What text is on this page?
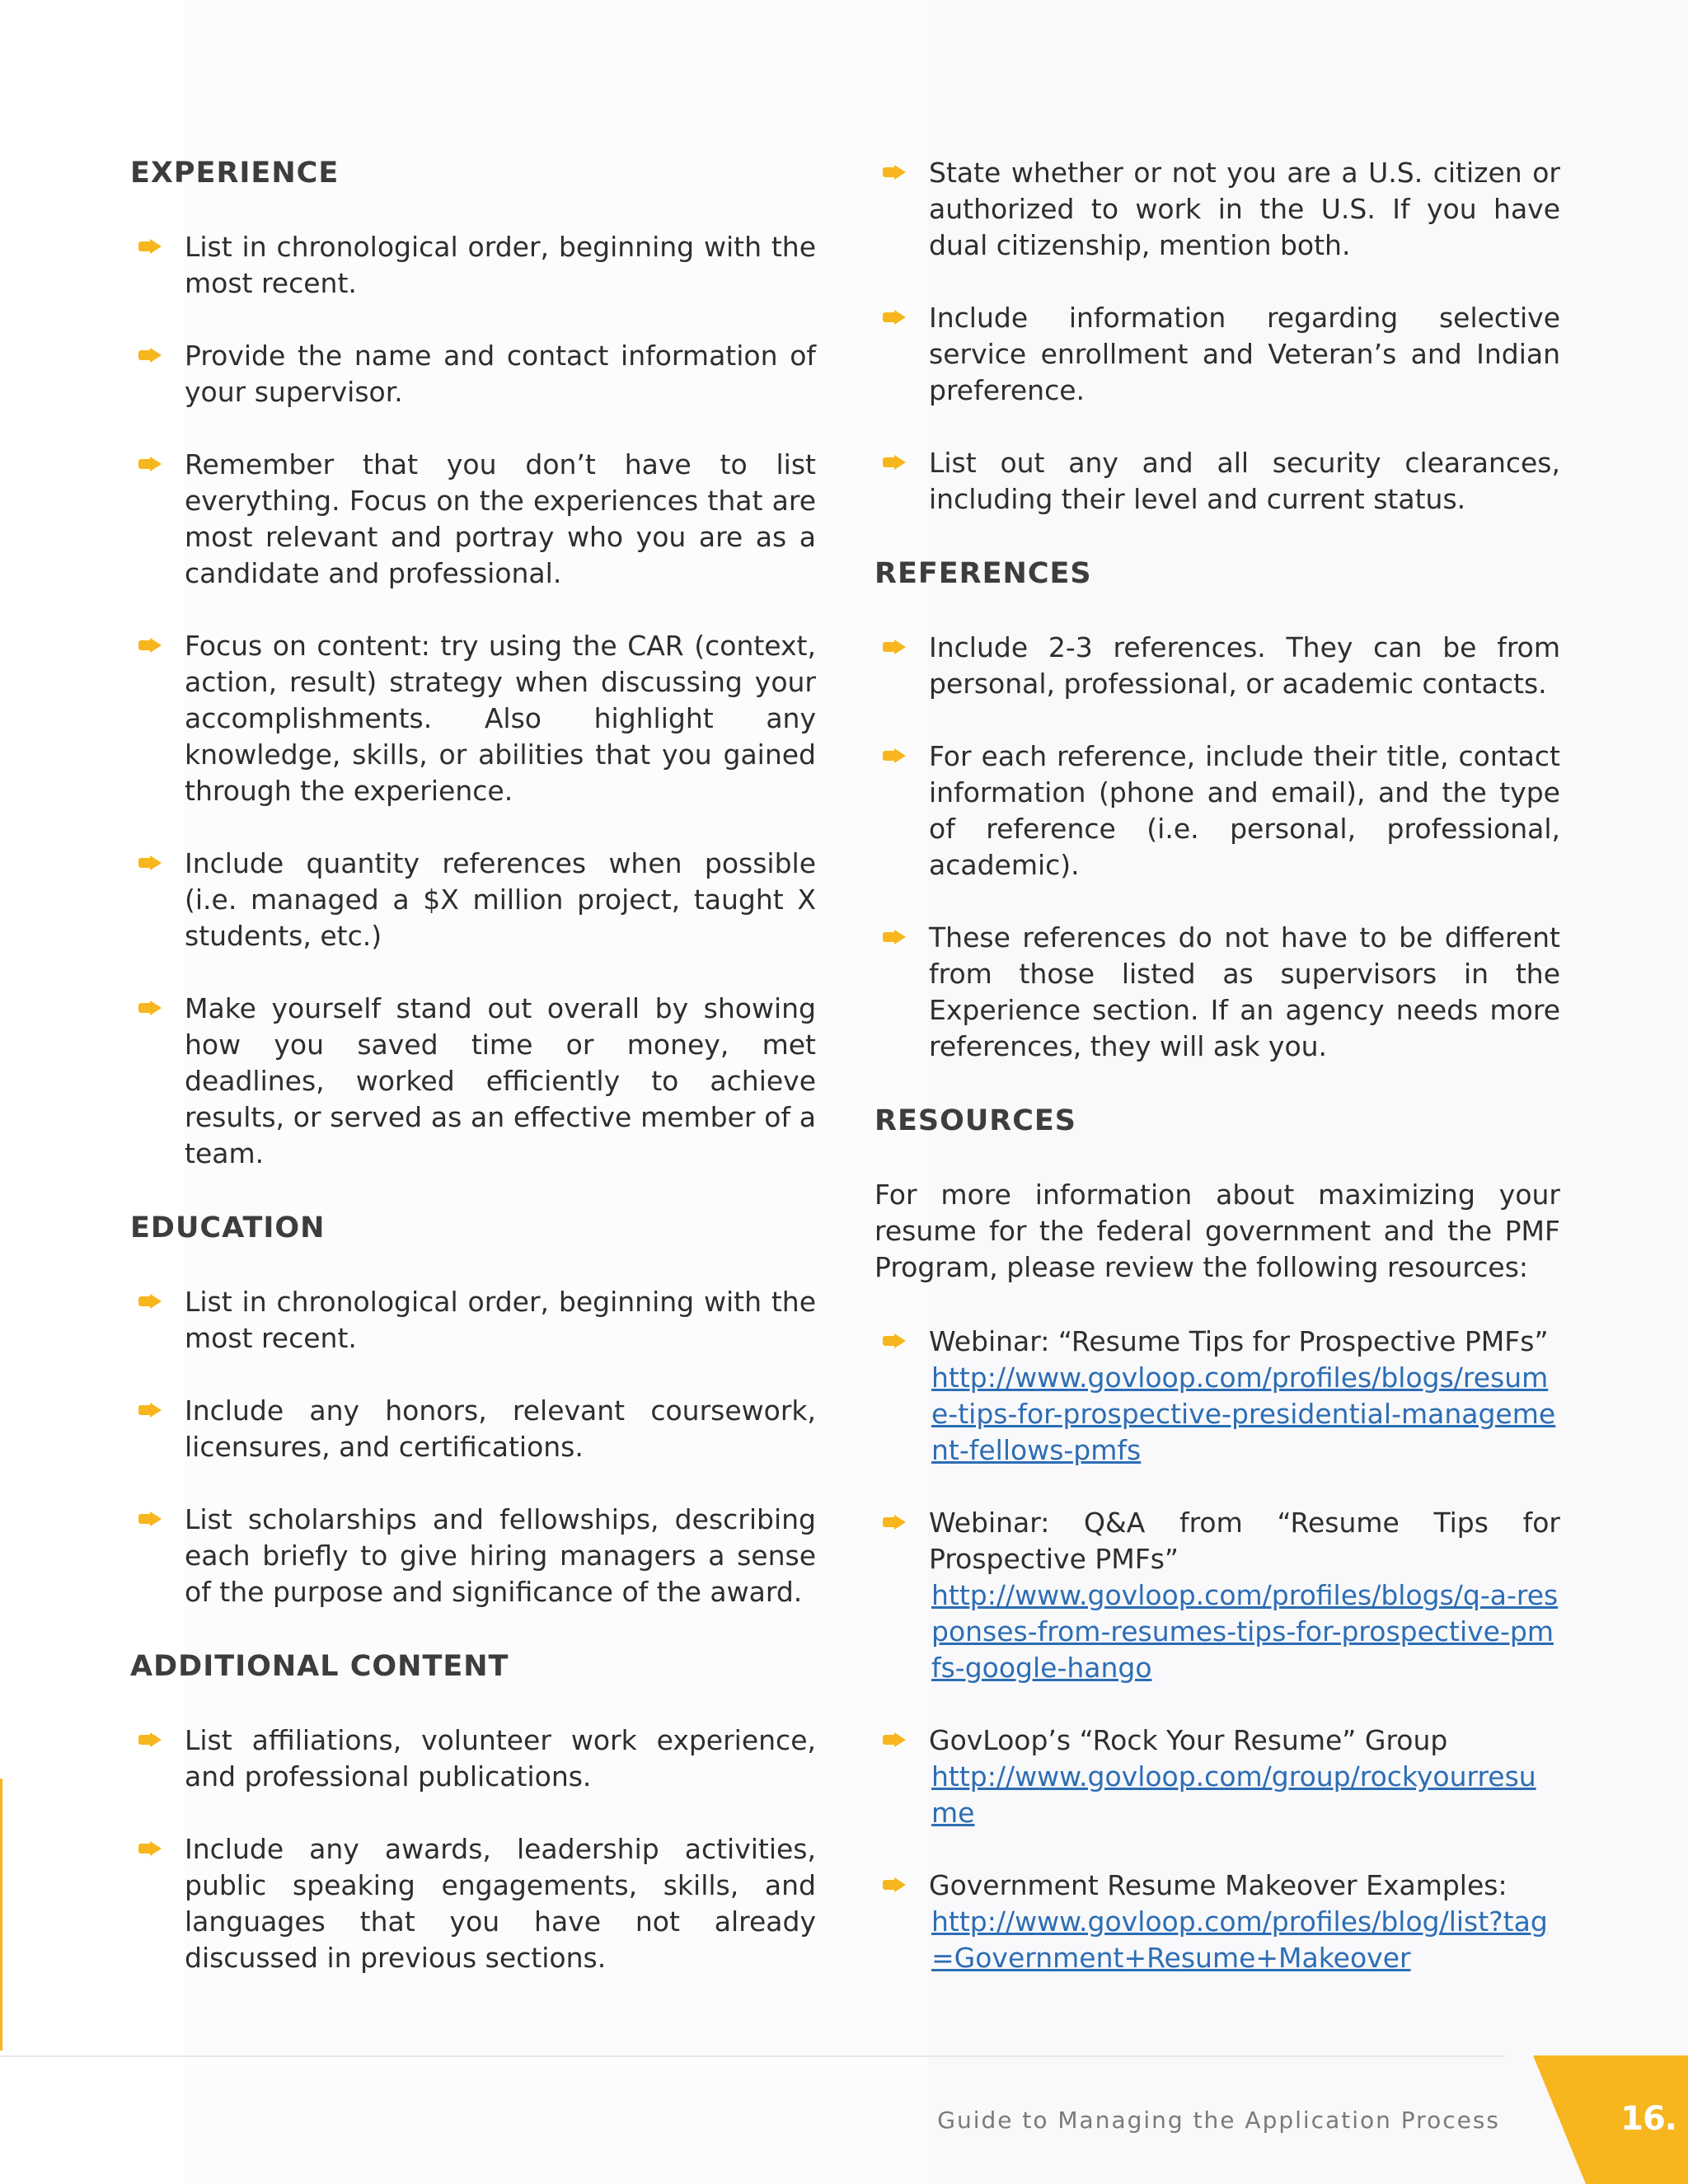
EXPERIENCE
List in chronological order, beginning with the most recent.
Provide the name and contact information of your supervisor.
Remember that you don’t have to list everything. Focus on the experiences that are most relevant and portray who you are as a candidate and professional.
Focus on content: try using the CAR (context, action, result) strategy when discussing your accomplishments. Also highlight any knowledge, skills, or abilities that you gained through the experience.
Include quantity references when possible (i.e. managed a $X million project, taught X students, etc.)
Make yourself stand out overall by showing how you saved time or money, met deadlines, worked efficiently to achieve results, or served as an effective member of a team.
EDUCATION
List in chronological order, beginning with the most recent.
Include any honors, relevant coursework, licensures, and certifications.
List scholarships and fellowships, describing each briefly to give hiring managers a sense of the purpose and significance of the award.
ADDITIONAL CONTENT
List affiliations, volunteer work experience, and professional publications.
Include any awards, leadership activities, public speaking engagements, skills, and languages that you have not already discussed in previous sections.
State whether or not you are a U.S. citizen or authorized to work in the U.S. If you have dual citizenship, mention both.
Include information regarding selective service enrollment and Veteran’s and Indian preference.
List out any and all security clearances, including their level and current status.
REFERENCES
Include 2-3 references. They can be from personal, professional, or academic contacts.
For each reference, include their title, contact information (phone and email), and the type of reference (i.e. personal, professional, academic).
These references do not have to be different from those listed as supervisors in the Experience section. If an agency needs more references, they will ask you.
RESOURCES

For more information about maximizing your resume for the federal government and the PMF Program, please review the following resources:

Webinar: “Resume Tips for Prospective PMFs”
http://www.govloop.com/profiles/blogs/resume-tips-for-prospective-presidential-management-fellows-pmfs
Webinar: Q&A from “Resume Tips for Prospective PMFs”
http://www.govloop.com/profiles/blogs/q-a-responses-from-resumes-tips-for-prospective-pmfs-google-hango
GovLoop’s “Rock Your Resume” Group
http://www.govloop.com/group/rockyourresume
Government Resume Makeover Examples:
http://www.govloop.com/profiles/blog/list?tag=Government+Resume+Makeover
Guide to Managing the Application Process	16.
